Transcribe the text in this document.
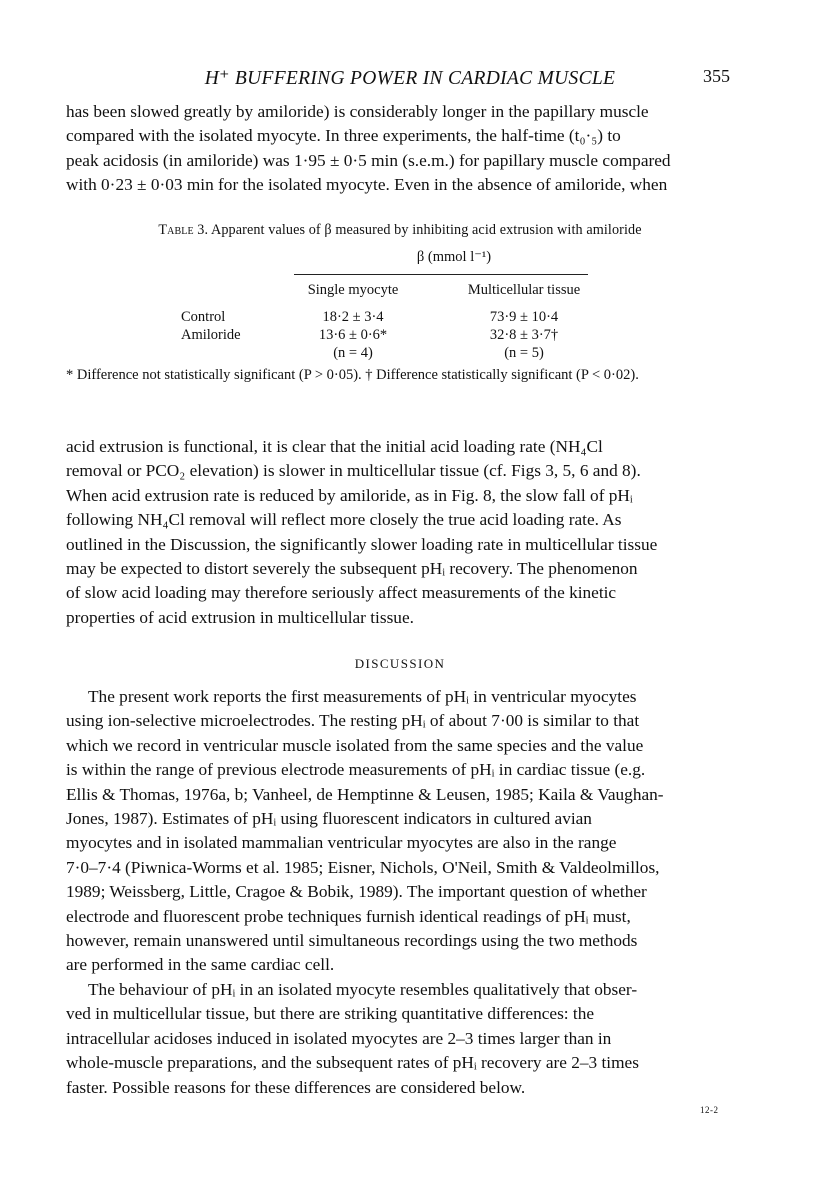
H⁺ BUFFERING POWER IN CARDIAC MUSCLE	355

has been slowed greatly by amiloride) is considerably longer in the papillary muscle

compared with the isolated myocyte. In three experiments, the half-time (t₀·₅) to

peak acidosis (in amiloride) was 1·95 ± 0·5 min (s.e.m.) for papillary muscle compared

with 0·23 ± 0·03 min for the isolated myocyte. Even in the absence of amiloride, when

Table 3. Apparent values of β measured by inhibiting acid extrusion with amiloride
β (mmol l⁻¹)
Single myocyte	Multicellular tissue
Control	18·2 ± 3·4	73·9 ± 10·4
Amiloride	13·6 ± 0·6*	32·8 ± 3·7†
(n = 4)	(n = 5)
* Difference not statistically significant (P > 0·05). † Difference statistically significant (P < 0·02).

acid extrusion is functional, it is clear that the initial acid loading rate (NH₄Cl

removal or PCO₂ elevation) is slower in multicellular tissue (cf. Figs 3, 5, 6 and 8).

When acid extrusion rate is reduced by amiloride, as in Fig. 8, the slow fall of pHᵢ

following NH₄Cl removal will reflect more closely the true acid loading rate. As

outlined in the Discussion, the significantly slower loading rate in multicellular tissue

may be expected to distort severely the subsequent pHᵢ recovery. The phenomenon

of slow acid loading may therefore seriously affect measurements of the kinetic

properties of acid extrusion in multicellular tissue.

DISCUSSION

The present work reports the first measurements of pHᵢ in ventricular myocytes

using ion-selective microelectrodes. The resting pHᵢ of about 7·00 is similar to that

which we record in ventricular muscle isolated from the same species and the value

is within the range of previous electrode measurements of pHᵢ in cardiac tissue (e.g.

Ellis & Thomas, 1976a, b; Vanheel, de Hemptinne & Leusen, 1985; Kaila & Vaughan-

Jones, 1987). Estimates of pHᵢ using fluorescent indicators in cultured avian

myocytes and in isolated mammalian ventricular myocytes are also in the range

7·0–7·4 (Piwnica-Worms et al. 1985; Eisner, Nichols, O'Neil, Smith & Valdeolmillos,

1989; Weissberg, Little, Cragoe & Bobik, 1989). The important question of whether

electrode and fluorescent probe techniques furnish identical readings of pHᵢ must,

however, remain unanswered until simultaneous recordings using the two methods

are performed in the same cardiac cell.

The behaviour of pHᵢ in an isolated myocyte resembles qualitatively that obser-

ved in multicellular tissue, but there are striking quantitative differences: the

intracellular acidoses induced in isolated myocytes are 2–3 times larger than in

whole-muscle preparations, and the subsequent rates of pHᵢ recovery are 2–3 times

faster. Possible reasons for these differences are considered below.

12-2
